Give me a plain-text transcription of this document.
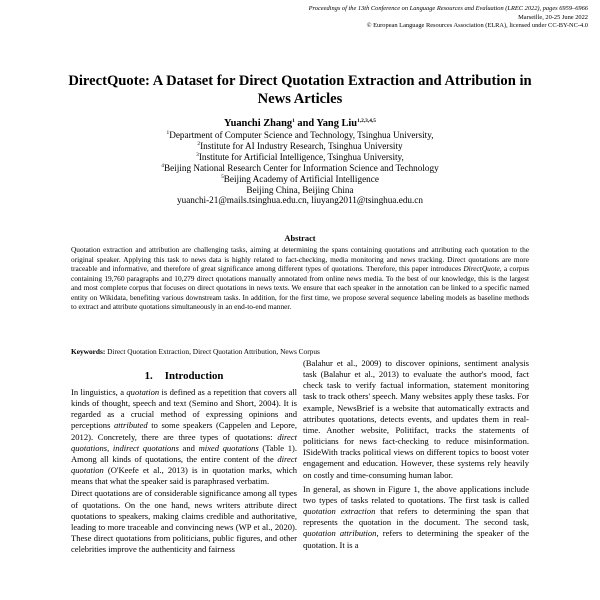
Proceedings of the 13th Conference on Language Resources and Evaluation (LREC 2022), pages 6959–6966
Marseille, 20-25 June 2022
© European Language Resources Association (ELRA), licensed under CC-BY-NC-4.0
DirectQuote: A Dataset for Direct Quotation Extraction and Attribution in
News Articles
Yuanchi Zhang$^1$ and Yang Liu$^{1,2,3,4,5}$
$^1$Department of Computer Science and Technology, Tsinghua University,
$^2$Institute for AI Industry Research, Tsinghua University
$^3$Institute for Artificial Intelligence, Tsinghua University,
$^4$Beijing National Research Center for Information Science and Technology
$^5$Beijing Academy of Artificial Intelligence
Beijing China, Beijing China
yuanchi-21@mails.tsinghua.edu.cn, liuyang2011@tsinghua.edu.cn
Abstract
Quotation extraction and attribution are challenging tasks, aiming at determining the spans containing quotations and attributing each quotation to the original speaker. Applying this task to news data is highly related to fact-checking, media monitoring and news tracking. Direct quotations are more traceable and informative, and therefore of great significance among different types of quotations. Therefore, this paper introduces DirectQuote, a corpus containing 19,760 paragraphs and 10,279 direct quotations manually annotated from online news media. To the best of our knowledge, this is the largest and most complete corpus that focuses on direct quotations in news texts. We ensure that each speaker in the annotation can be linked to a specific named entity on Wikidata, benefiting various downstream tasks. In addition, for the first time, we propose several sequence labeling models as baseline methods to extract and attribute quotations simultaneously in an end-to-end manner.
Keywords: Direct Quotation Extraction, Direct Quotation Attribution, News Corpus
1. Introduction

In linguistics, a quotation is defined as a repetition that covers all kinds of thought, speech and text (Semino and Short, 2004). It is regarded as a crucial method of expressing opinions and perceptions attributed to some speakers (Cappelen and Lepore, 2012). Concretely, there are three types of quotations: direct quotations, indirect quotations and mixed quotations (Table 1). Among all kinds of quotations, the entire content of the direct quotation (O'Keefe et al., 2013) is in quotation marks, which means that what the speaker said is paraphrased verbatim.

Direct quotations are of considerable significance among all types of quotations. On the one hand, news writers attribute direct quotations to speakers, making claims credible and authoritative, leading to more traceable and convincing news (WP et al., 2020). These direct quotations from politicians, public figures, and other celebrities improve the authenticity and fairness

(Balahur et al., 2009) to discover opinions, sentiment analysis task (Balahur et al., 2013) to evaluate the author's mood, fact check task to verify factual information, statement monitoring task to track others' speech. Many websites apply these tasks. For example, NewsBrief is a website that automatically extracts and attributes quotations, detects events, and updates them in real-time. Another website, Politifact, tracks the statements of politicians for news fact-checking to reduce misinformation. ISideWith tracks political views on different topics to boost voter engagement and education. However, these systems rely heavily on costly and time-consuming human labor.

In general, as shown in Figure 1, the above applications include two types of tasks related to quotations. The first task is called quotation extraction that refers to determining the span that represents the quotation in the document. The second task, quotation attribution, refers to determining the speaker of the quotation. It is a
